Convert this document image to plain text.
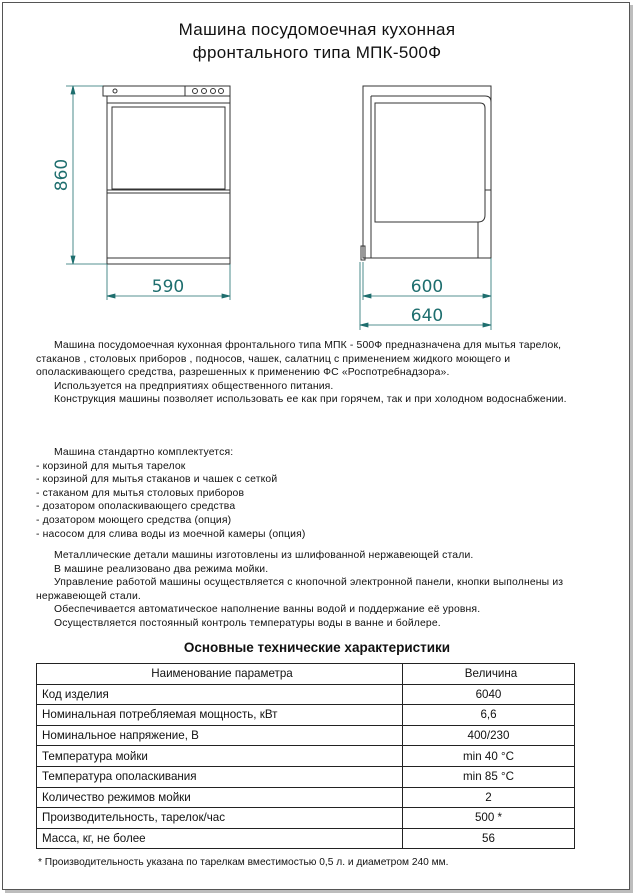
Машина посудомоечная кухонная
фронтального типа МПК-500Ф
860
590	600
640

Машина посудомоечная кухонная фронтального типа МПК - 500Ф предназначена для мытья тарелок, стаканов , столовых приборов , подносов, чашек, салатниц с применением жидкого моющего и ополаскивающего средства, разрешенных к применению ФС «Роспотребнадзора».

Используется на предприятиях общественного питания.

Конструкция машины позволяет использовать ее как при горячем, так и при холодном водоснабжении.

Машина стандартно комплектуется:

- корзиной для мытья тарелок

- корзиной для мытья стаканов и чашек с сеткой

- стаканом для мытья столовых приборов

- дозатором ополаскивающего средства

- дозатором моющего средства (опция)

- насосом для слива воды из моечной камеры (опция)

Металлические детали машины изготовлены из шлифованной нержавеющей стали.

В машине реализовано два режима мойки.

Управление работой машины осуществляется с кнопочной электронной панели, кнопки выполнены из нержавеющей стали.

Обеспечивается автоматическое наполнение ванны водой и поддержание её уровня.

Осуществляется постоянный контроль температуры воды в ванне и бойлере.

Основные технические характеристики
Наименование параметра	Величина
Код изделия	6040
Номинальная потребляемая мощность, кВт	6,6
Номинальное напряжение, В	400/230
Температура мойки	min 40 °C
Температура ополаскивания	min 85 °C
Количество режимов мойки	2
Производительность, тарелок/час	500 *
Масса, кг, не более	56
* Производительность указана по тарелкам вместимостью 0,5 л. и диаметром 240 мм.
